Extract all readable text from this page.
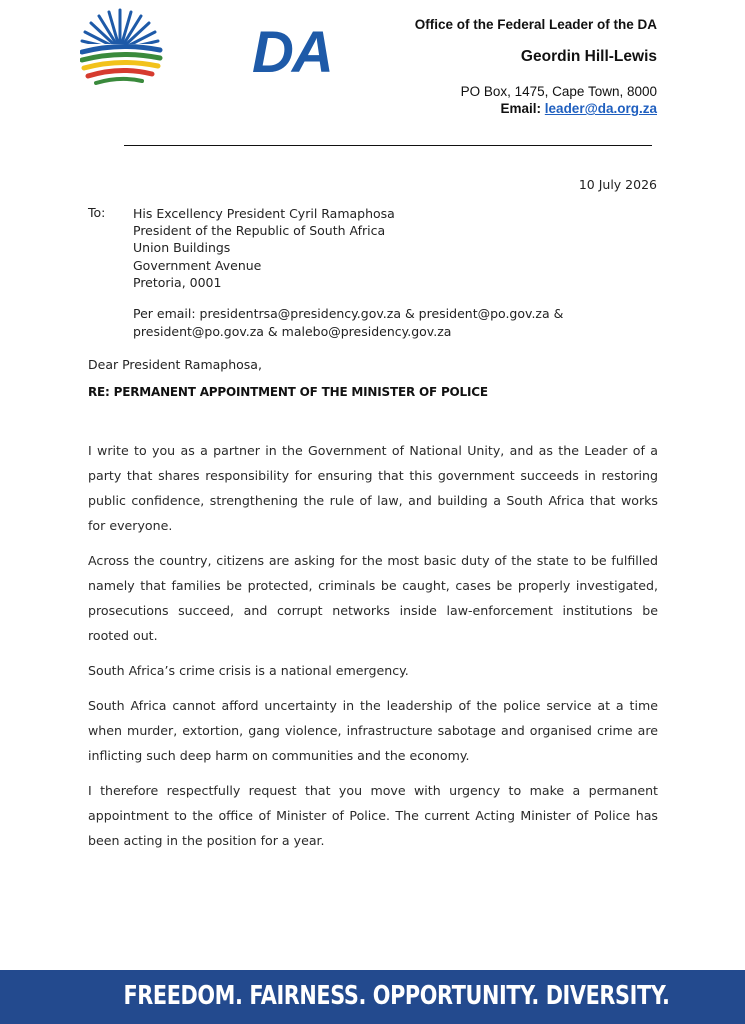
DA	Office of the Federal Leader of the DA
Geordin Hill-Lewis
PO Box, 1475, Cape Town, 8000
Email: leader@da.org.za
10 July 2026
To: His Excellency President Cyril Ramaphosa
President of the Republic of South Africa
Union Buildings
Government Avenue
Pretoria, 0001
Per email: presidentrsa@presidency.gov.za & president@po.gov.za & president@po.gov.za & malebo@presidency.gov.za
Dear President Ramaphosa,
RE: PERMANENT APPOINTMENT OF THE MINISTER OF POLICE

I write to you as a partner in the Government of National Unity, and as the Leader of a party that shares responsibility for ensuring that this government succeeds in restoring public confidence, strengthening the rule of law, and building a South Africa that works for everyone.

Across the country, citizens are asking for the most basic duty of the state to be fulfilled namely that families be protected, criminals be caught, cases be properly investigated, prosecutions succeed, and corrupt networks inside law-enforcement institutions be rooted out.

South Africa’s crime crisis is a national emergency.

South Africa cannot afford uncertainty in the leadership of the police service at a time when murder, extortion, gang violence, infrastructure sabotage and organised crime are inflicting such deep harm on communities and the economy.

I therefore respectfully request that you move with urgency to make a permanent appointment to the office of Minister of Police. The current Acting Minister of Police has been acting in the position for a year.

FREEDOM. FAIRNESS. OPPORTUNITY. DIVERSITY.
